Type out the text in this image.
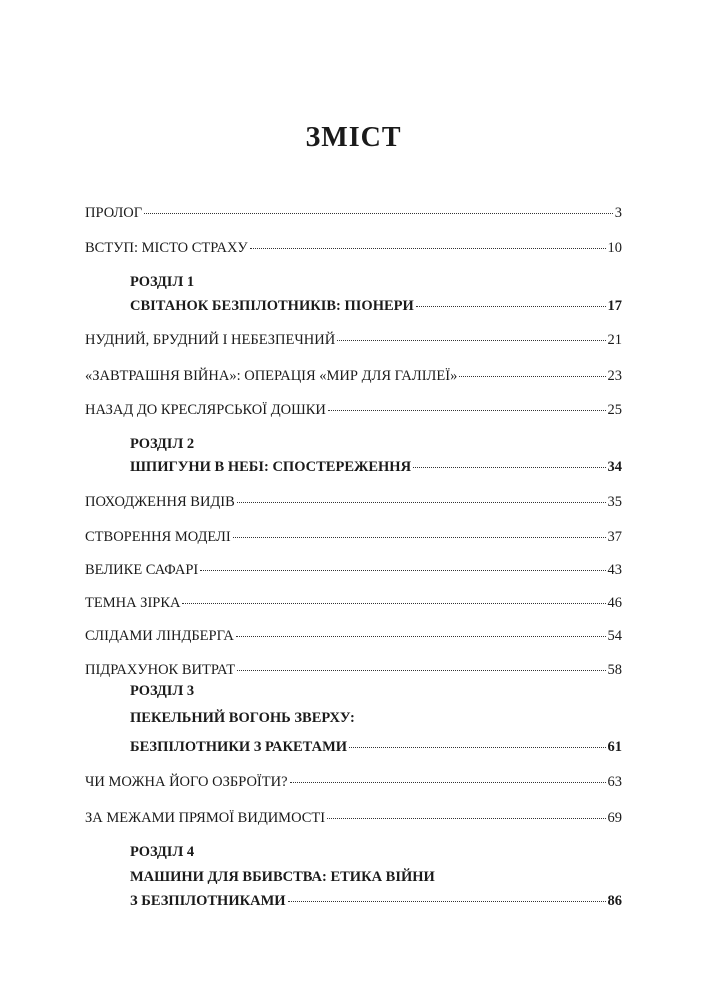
ЗМІСТ
ПРОЛОГ	3
ВСТУП: МІСТО СТРАХУ	10
РОЗДІЛ 1
СВІТАНОК БЕЗПІЛОТНИКІВ: ПІОНЕРИ	17
НУДНИЙ, БРУДНИЙ І НЕБЕЗПЕЧНИЙ	21
«ЗАВТРАШНЯ ВІЙНА»: ОПЕРАЦІЯ «МИР ДЛЯ ГАЛІЛЕЇ»	23
НАЗАД ДО КРЕСЛЯРСЬКОЇ ДОШКИ	25
РОЗДІЛ 2
ШПИГУНИ В НЕБІ: СПОСТЕРЕЖЕННЯ	34
ПОХОДЖЕННЯ ВИДІВ	35
СТВОРЕННЯ МОДЕЛІ	37
ВЕЛИКЕ САФАРІ	43
ТЕМНА ЗІРКА	46
СЛІДАМИ ЛІНДБЕРГА	54
ПІДРАХУНОК ВИТРАТ	58
РОЗДІЛ 3
ПЕКЕЛЬНИЙ ВОГОНЬ ЗВЕРХУ:
БЕЗПІЛОТНИКИ З РАКЕТАМИ	61
ЧИ МОЖНА ЙОГО ОЗБРОЇТИ?	63
ЗА МЕЖАМИ ПРЯМОЇ ВИДИМОСТІ	69
РОЗДІЛ 4
МАШИНИ ДЛЯ ВБИВСТВА: ЕТИКА ВІЙНИ
З БЕЗПІЛОТНИКАМИ	86
